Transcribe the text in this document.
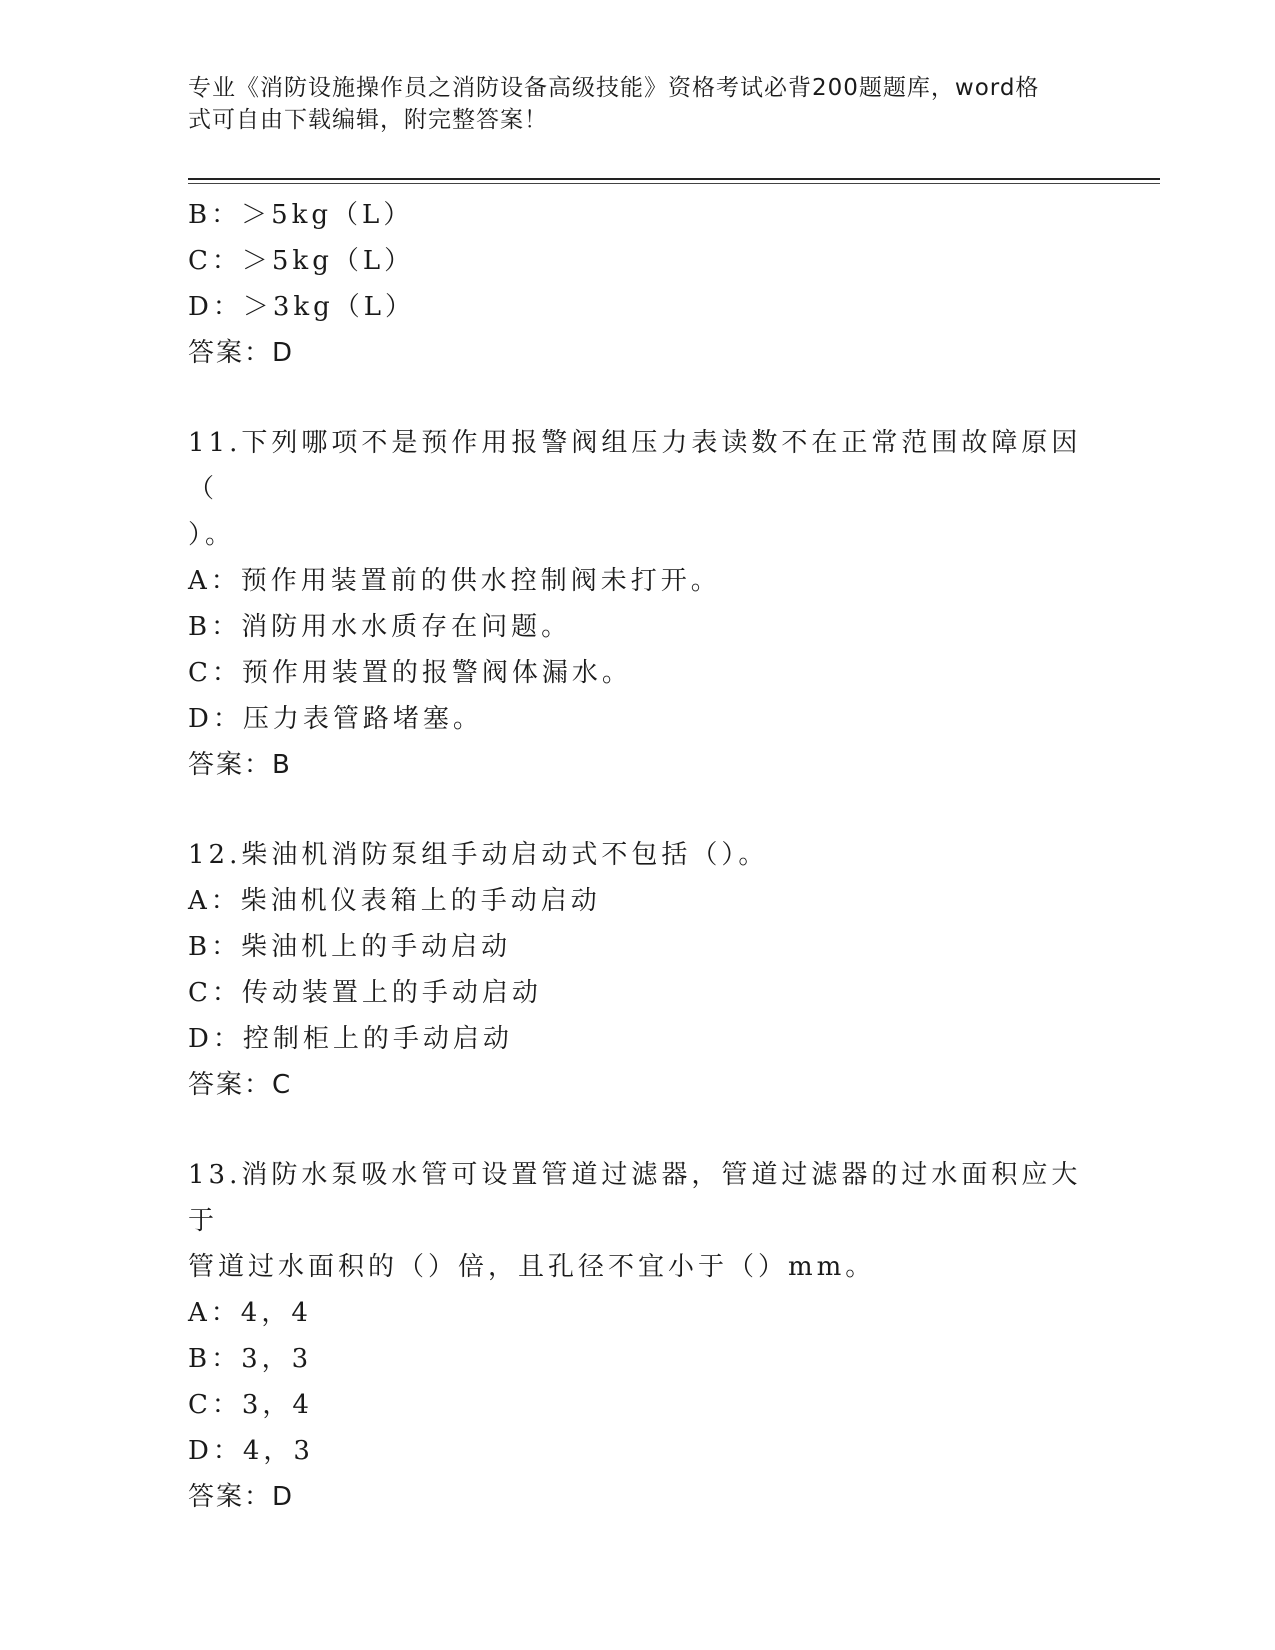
专业《消防设施操作员之消防设备高级技能》资格考试必背200题题库，word格
式可自由下载编辑，附完整答案！
B：＞5kg（L）
C：＞5kg（L）
D：＞3kg（L）
答案：D
11.下列哪项不是预作用报警阀组压力表读数不在正常范围故障原因（
）。
A：预作用装置前的供水控制阀未打开。
B：消防用水水质存在问题。
C：预作用装置的报警阀体漏水。
D：压力表管路堵塞。
答案：B
12.柴油机消防泵组手动启动式不包括（）。
A：柴油机仪表箱上的手动启动
B：柴油机上的手动启动
C：传动装置上的手动启动
D：控制柜上的手动启动
答案：C
13.消防水泵吸水管可设置管道过滤器，管道过滤器的过水面积应大于
管道过水面积的（）倍，且孔径不宜小于（）mm。
A：4，4
B：3，3
C：3，4
D：4，3
答案：D
